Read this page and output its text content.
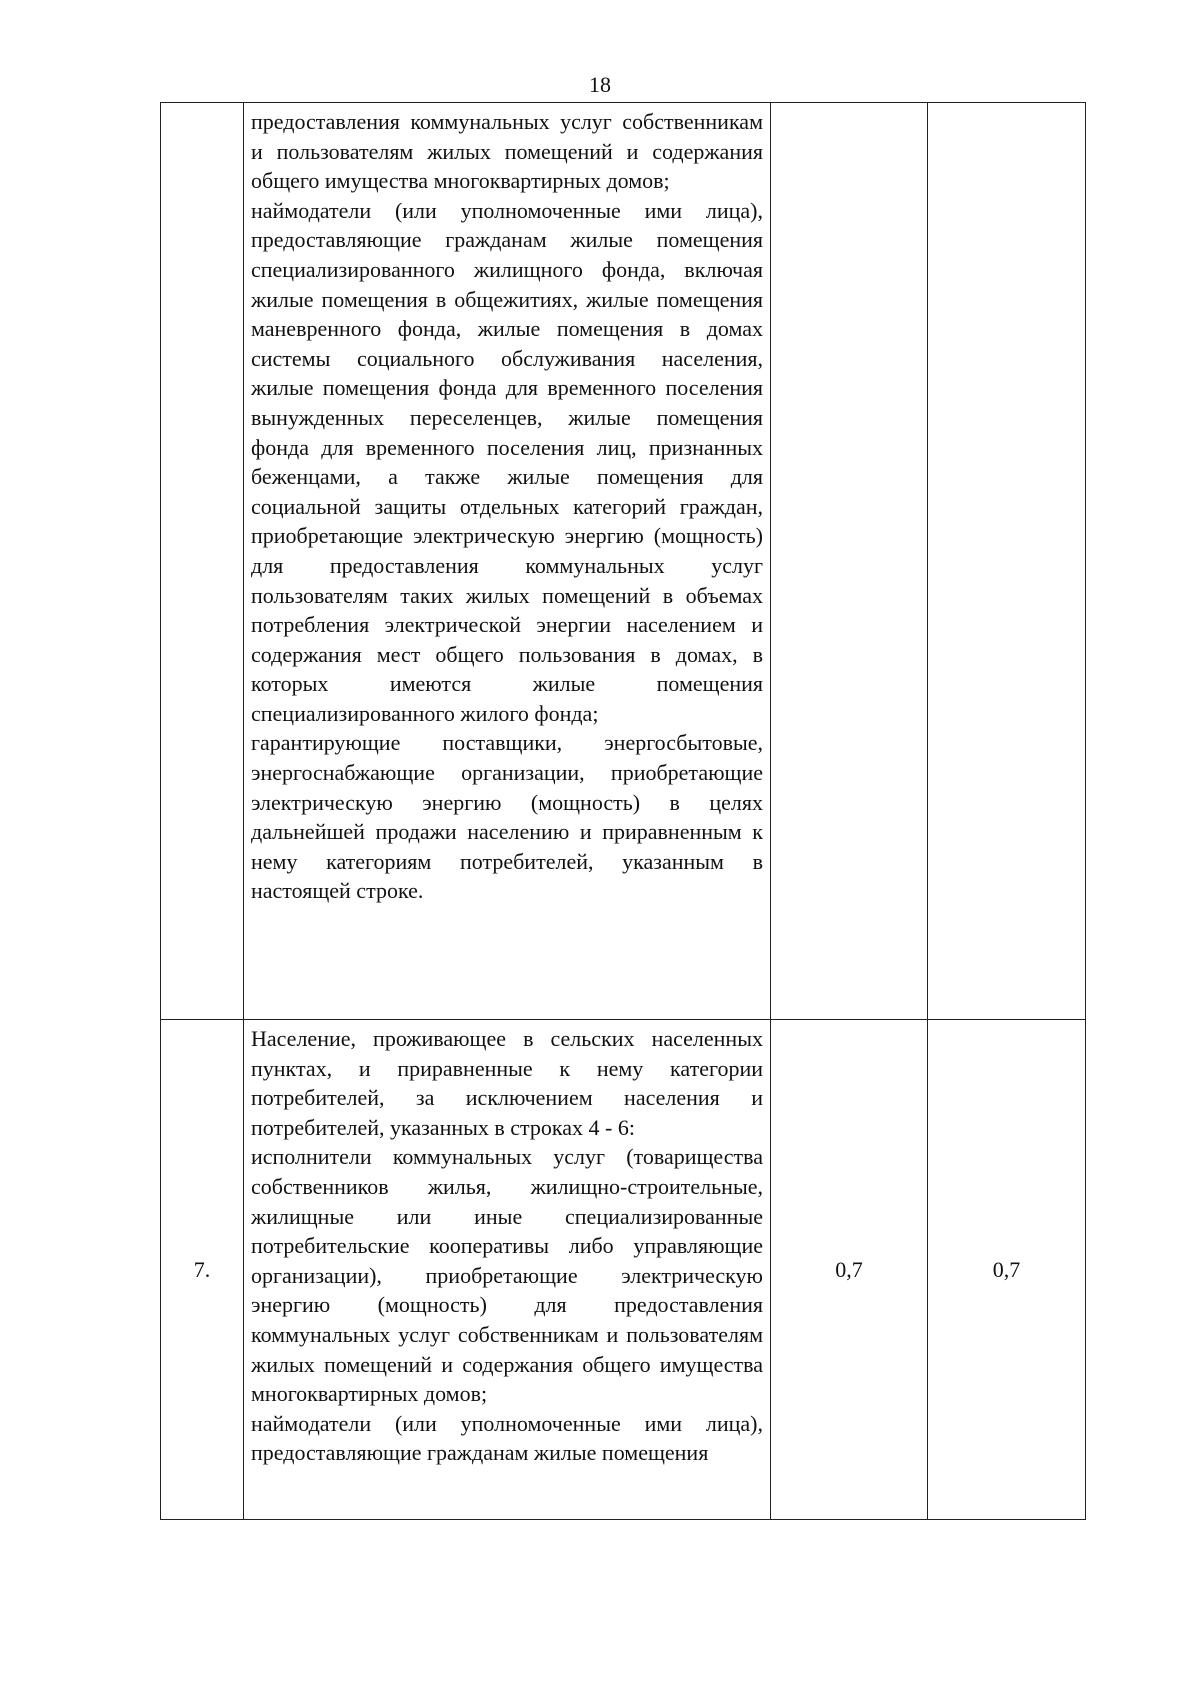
18

	предоставления коммунальных услуг собственникам и пользователям жилых помещений и содержания общего имущества многоквартирных домов;

наймодатели (или уполномоченные ими лица), предоставляющие гражданам жилые помещения специализированного жилищного фонда, включая жилые помещения в общежитиях, жилые помещения маневренного фонда, жилые помещения в домах системы социального обслуживания населения, жилые помещения фонда для временного поселения вынужденных переселенцев, жилые помещения фонда для временного поселения лиц, признанных беженцами, а также жилые помещения для социальной защиты отдельных категорий граждан, приобретающие электрическую энергию (мощность) для предоставления коммунальных услуг пользователям таких жилых помещений в объемах потребления электрической энергии населением и содержания мест общего пользования в домах, в которых имеются жилые помещения специализированного жилого фонда;

гарантирующие поставщики, энергосбытовые, энергоснабжающие организации, приобретающие электрическую энергию (мощность) в целях дальнейшей продажи населению и приравненным к нему категориям потребителей, указанным в настоящей строке.		

7.	Население, проживающее в сельских населенных пунктах, и приравненные к нему категории потребителей, за исключением населения и потребителей, указанных в строках 4 - 6:

исполнители коммунальных услуг (товарищества собственников жилья, жилищно-строительные, жилищные или иные специализированные потребительские кооперативы либо управляющие организации), приобретающие электрическую энергию (мощность) для предоставления коммунальных услуг собственникам и пользователям жилых помещений и содержания общего имущества многоквартирных домов;

наймодатели (или уполномоченные ими лица), предоставляющие гражданам жилые помещения	0,7	0,7
